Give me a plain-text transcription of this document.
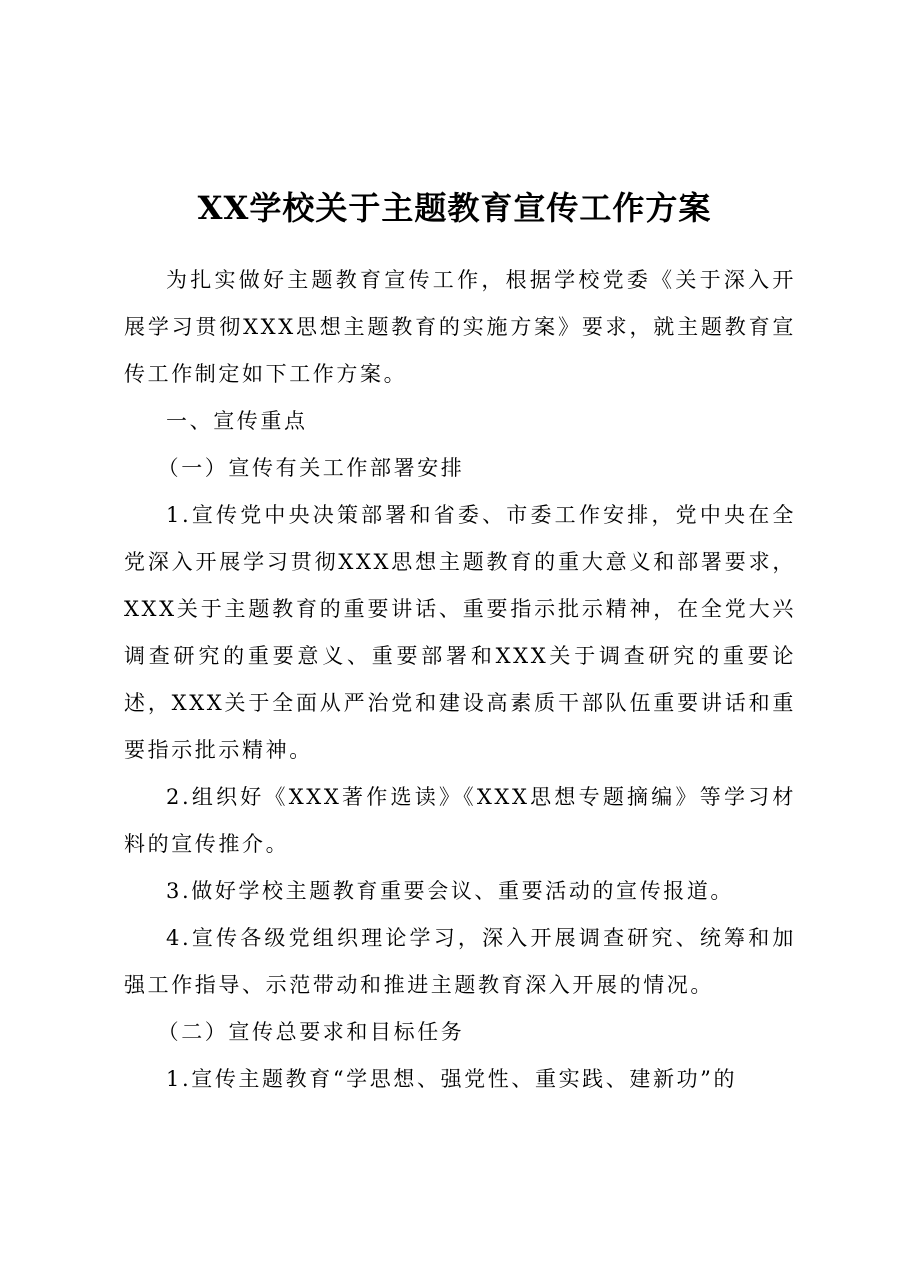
XX学校关于主题教育宣传工作方案

为扎实做好主题教育宣传工作，根据学校党委《关于深入开展学习贯彻XXX思想主题教育的实施方案》要求，就主题教育宣传工作制定如下工作方案。

一、宣传重点

（一）宣传有关工作部署安排

1.宣传党中央决策部署和省委、市委工作安排，党中央在全党深入开展学习贯彻XXX思想主题教育的重大意义和部署要求，XXX关于主题教育的重要讲话、重要指示批示精神，在全党大兴调查研究的重要意义、重要部署和XXX关于调查研究的重要论述，XXX关于全面从严治党和建设高素质干部队伍重要讲话和重要指示批示精神。

2.组织好《XXX著作选读》《XXX思想专题摘编》等学习材料的宣传推介。

3.做好学校主题教育重要会议、重要活动的宣传报道。

4.宣传各级党组织理论学习，深入开展调查研究、统筹和加强工作指导、示范带动和推进主题教育深入开展的情况。

（二）宣传总要求和目标任务

1.宣传主题教育“学思想、强党性、重实践、建新功”的
